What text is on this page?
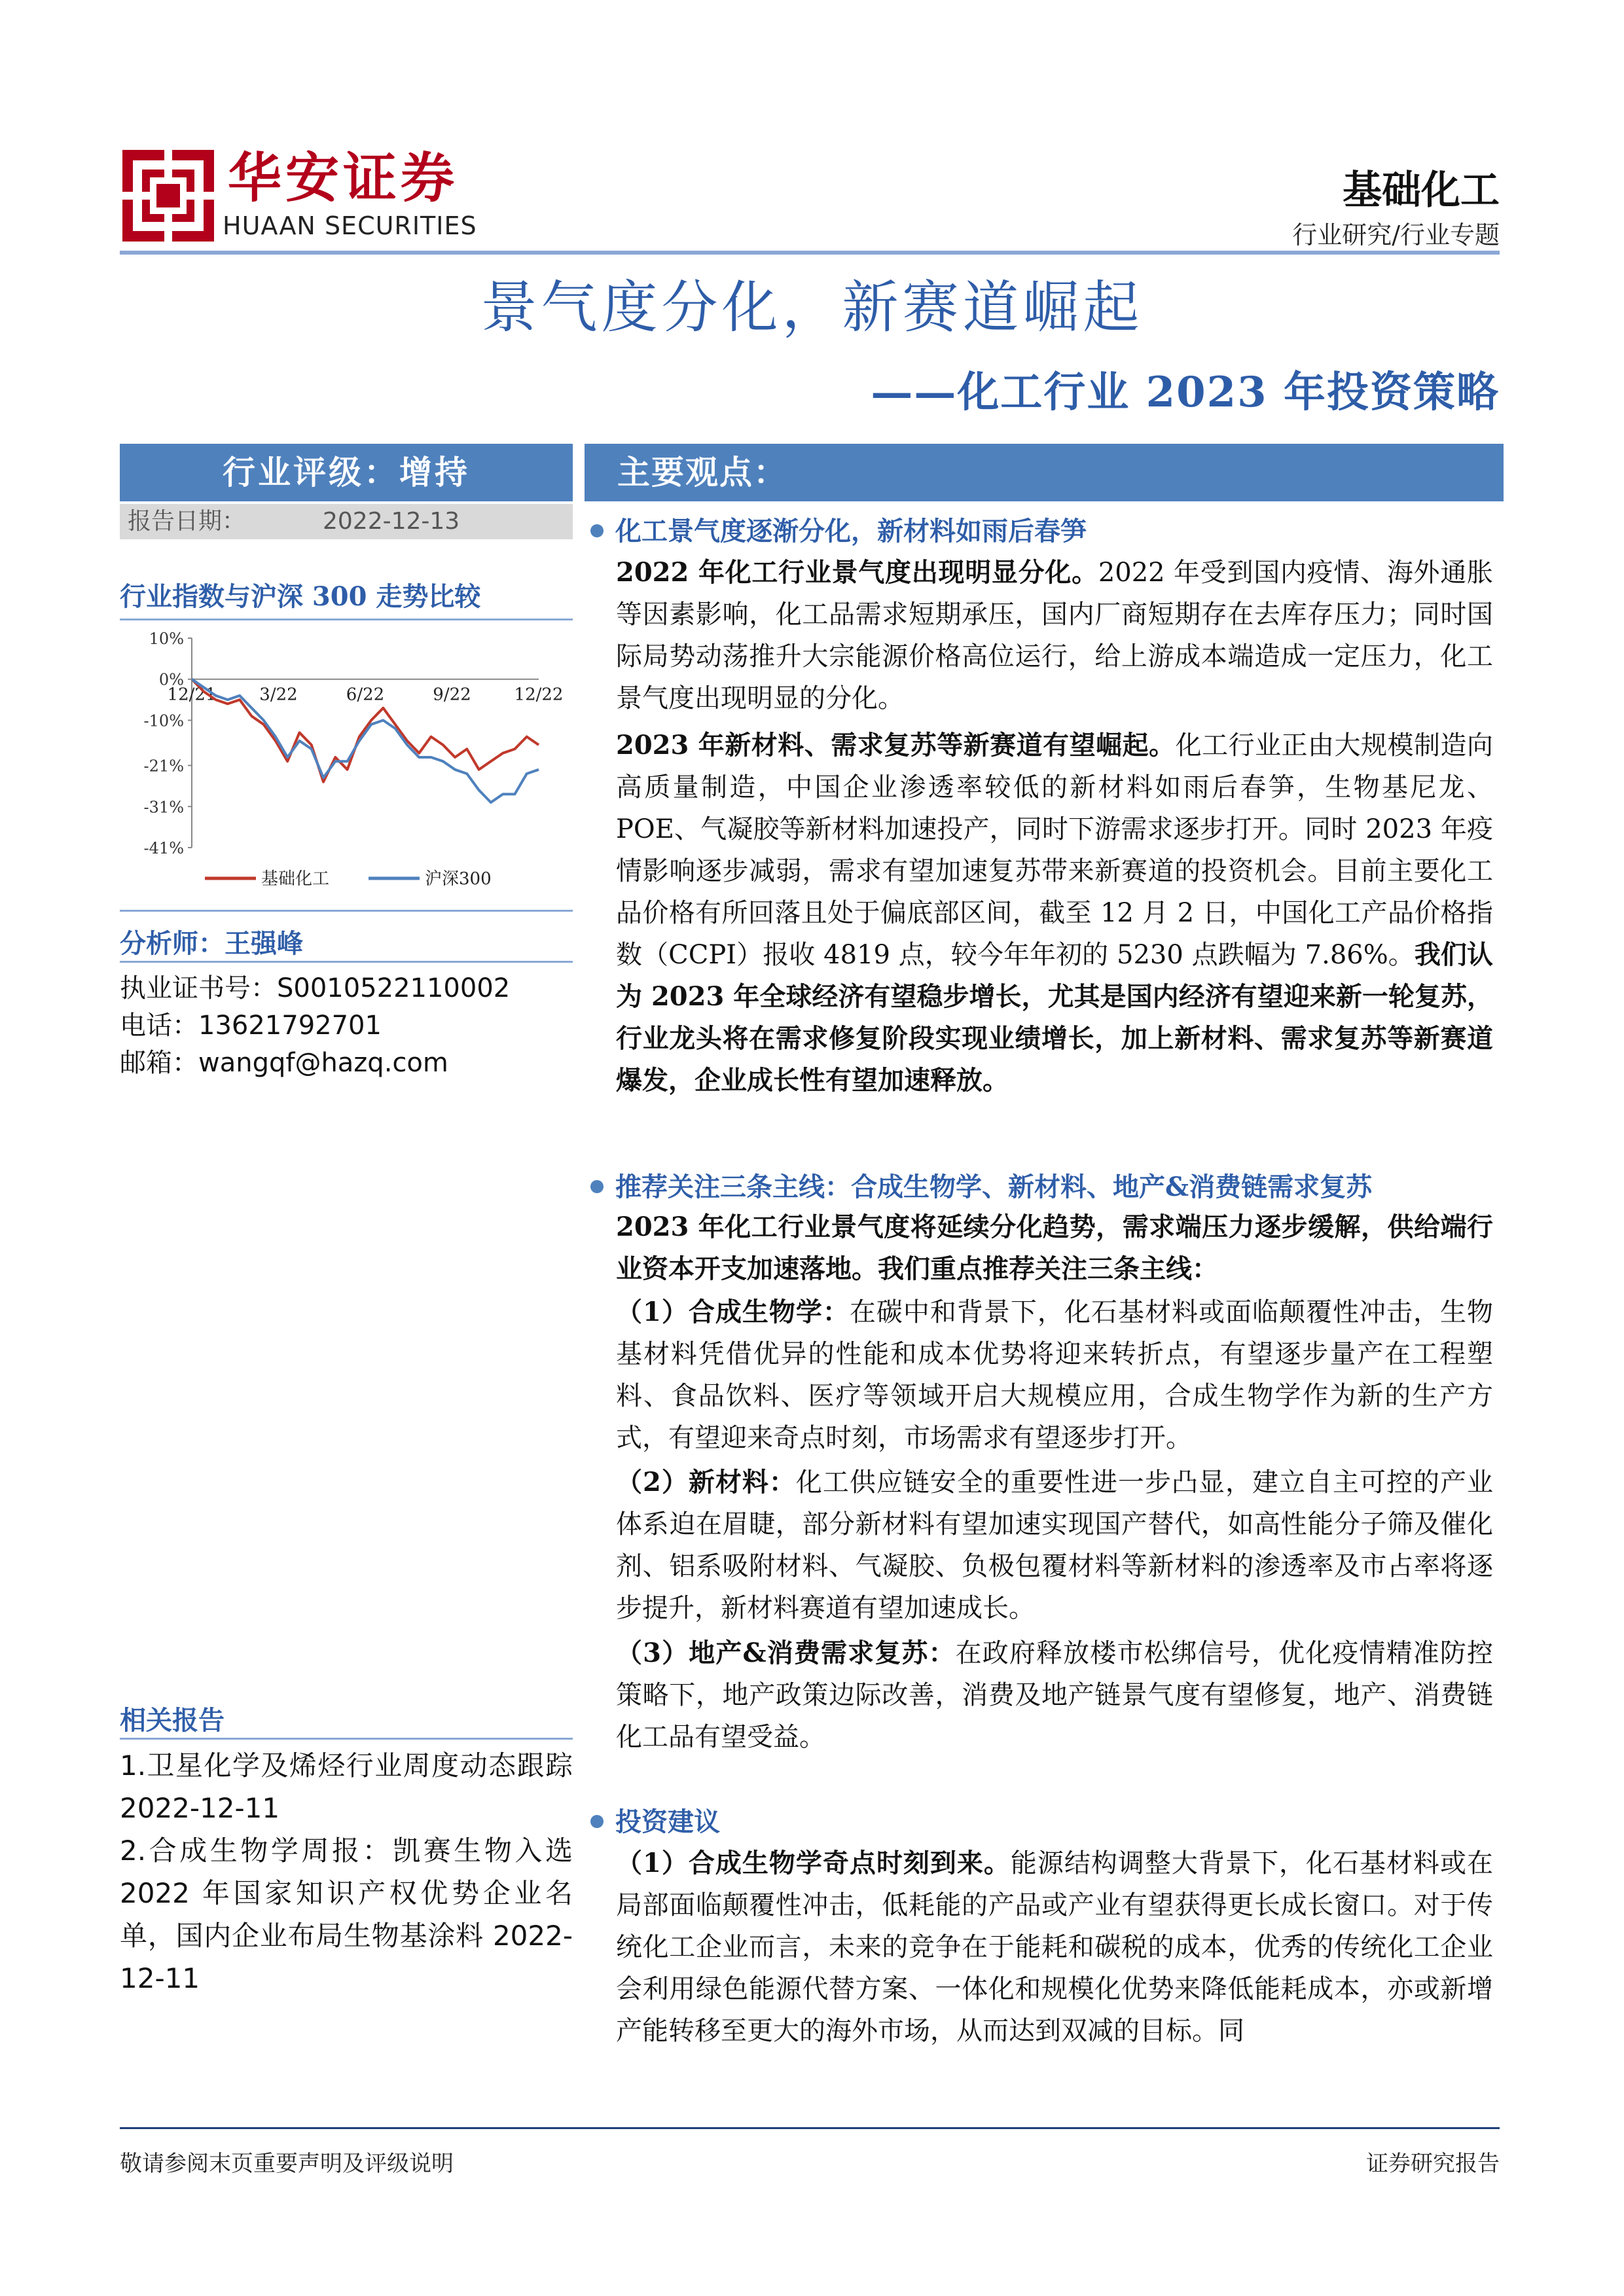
华安证券
HUAAN SECURITIES
基础化工
行业研究/行业专题
景气度分化，新赛道崛起
——化工行业 2023 年投资策略
行业评级：增持
报告日期：	2022-12-13
行业指数与沪深 300 走势比较
10%
0%
-10%
-21%
-31%
-41%
12/21	3/22	6/22	9/22	12/22
基础化工	沪深300
分析师：王强峰
执业证书号：S0010522110002
电话：13621792701
邮箱：wangqf@hazq.com
相关报告
1.卫星化学及烯烃行业周度动态跟踪 2022-12-11
2.合成生物学周报：凯赛生物入选 2022 年国家知识产权优势企业名单，国内企业布局生物基涂料 2022-12-11
主要观点：
化工景气度逐渐分化，新材料如雨后春笋
2022 年化工行业景气度出现明显分化。2022 年受到国内疫情、海外通胀等因素影响，化工品需求短期承压，国内厂商短期存在去库存压力；同时国际局势动荡推升大宗能源价格高位运行，给上游成本端造成一定压力，化工景气度出现明显的分化。
2023 年新材料、需求复苏等新赛道有望崛起。化工行业正由大规模制造向高质量制造，中国企业渗透率较低的新材料如雨后春笋，生物基尼龙、POE、气凝胶等新材料加速投产，同时下游需求逐步打开。同时 2023 年疫情影响逐步减弱，需求有望加速复苏带来新赛道的投资机会。目前主要化工品价格有所回落且处于偏底部区间，截至 12 月 2 日，中国化工产品价格指数（CCPI）报收 4819 点，较今年年初的 5230 点跌幅为 7.86%。我们认为 2023 年全球经济有望稳步增长，尤其是国内经济有望迎来新一轮复苏，行业龙头将在需求修复阶段实现业绩增长，加上新材料、需求复苏等新赛道爆发，企业成长性有望加速释放。
推荐关注三条主线：合成生物学、新材料、地产&消费链需求复苏
2023 年化工行业景气度将延续分化趋势，需求端压力逐步缓解，供给端行业资本开支加速落地。我们重点推荐关注三条主线：
（1）合成生物学：在碳中和背景下，化石基材料或面临颠覆性冲击，生物基材料凭借优异的性能和成本优势将迎来转折点，有望逐步量产在工程塑料、食品饮料、医疗等领域开启大规模应用，合成生物学作为新的生产方式，有望迎来奇点时刻，市场需求有望逐步打开。
（2）新材料：化工供应链安全的重要性进一步凸显，建立自主可控的产业体系迫在眉睫，部分新材料有望加速实现国产替代，如高性能分子筛及催化剂、铝系吸附材料、气凝胶、负极包覆材料等新材料的渗透率及市占率将逐步提升，新材料赛道有望加速成长。
（3）地产&消费需求复苏：在政府释放楼市松绑信号，优化疫情精准防控策略下，地产政策边际改善，消费及地产链景气度有望修复，地产、消费链化工品有望受益。
投资建议
（1）合成生物学奇点时刻到来。能源结构调整大背景下，化石基材料或在局部面临颠覆性冲击，低耗能的产品或产业有望获得更长成长窗口。对于传统化工企业而言，未来的竞争在于能耗和碳税的成本，优秀的传统化工企业会利用绿色能源代替方案、一体化和规模化优势来降低能耗成本，亦或新增产能转移至更大的海外市场，从而达到双减的目标。同
敬请参阅末页重要声明及评级说明	证券研究报告
